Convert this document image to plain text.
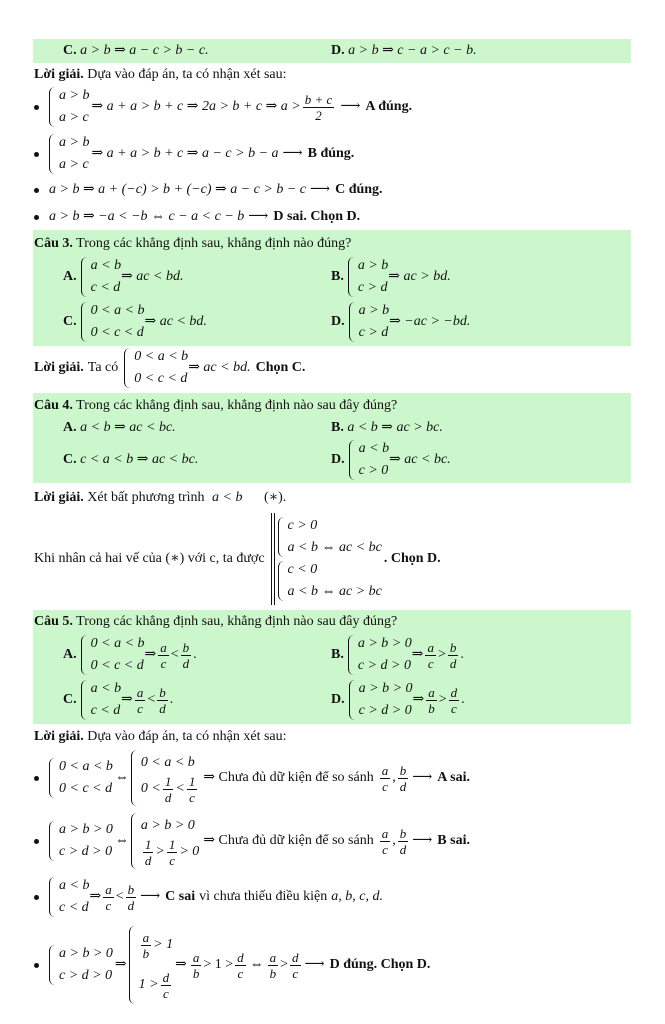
C. a > b ⇒ a − c > b − c.	D. a > b ⇒ c − a > c − b.
Lời giải. Dựa vào đáp án, ta có nhận xét sau:
a > b
a > c
⇒ a + a > b + c ⇒ 2a > b + c ⇒ $a > \frac{b + c}{2}$ ⟶ A đúng.
a > b
a > c
⇒ a + a > b + c ⇒ a − c > b − a ⟶ B đúng.
a > b ⇒ a + (−c) > b + (−c) ⇒ a − c > b − c ⟶ C đúng.
a > b ⇒ −a < −b ⇔ c − a < c − b ⟶ D sai. Chọn D.
Câu 3. Trong các khẳng định sau, khẳng định nào đúng?
A.
a < b
c < d
⇒ ac < bd.	B.
a > b
c > d
⇒ ac > bd.
C.
0 < a < b
0 < c < d
⇒ ac < bd.	D.
a > b
c > d
⇒ −ac > −bd.
Lời giải. Ta có
0 < a < b
0 < c < d
⇒ ac < bd. Chọn C.
Câu 4. Trong các khẳng định sau, khẳng định nào sau đây đúng?
A. a < b ⇒ ac < bc.	B. a < b ⇒ ac > bc.
C. c < a < b ⇒ ac < bc.	D.
a < b
c > 0
⇒ ac < bc.
Lời giải. Xét bất phương trình a < b (∗).
Khi nhân cả hai vế của (∗) với c, ta được
c > 0
a < b ⇔ ac < bc
c < 0
a < b ⇔ ac > bc
. Chọn D.
Câu 5. Trong các khẳng định sau, khẳng định nào sau đây đúng?
A.
0 < a < b
0 < c < d
⇒ $\frac{a}{c} < \frac{b}{d}$ .	B.
a > b > 0
c > d > 0
⇒ $\frac{a}{c} > \frac{b}{d}$ .
C.
a < b
c < d
⇒ $\frac{a}{c} < \frac{b}{d}$ .	D.
a > b > 0
c > d > 0
⇒ $\frac{a}{b} > \frac{d}{c}$ .
Lời giải. Dựa vào đáp án, ta có nhận xét sau:
0 < a < b
0 < c < d
⇔
0 < a < b
$0 < \frac{1}{d} < \frac{1}{c}$ ⇒ Chưa đủ dữ kiện để so sánh $\frac{a}{c}$ , $\frac{b}{d}$ ⟶ A sai.
a > b > 0
c > d > 0
⇔
a > b > 0
$\frac{1}{d} > \frac{1}{c} > 0$
⇒ Chưa đủ dữ kiện để so sánh $\frac{a}{c}$ , $\frac{b}{d}$ ⟶ B sai.
a < b
c < d
⇒ $\frac{a}{c} < \frac{b}{d}$ ⟶ C sai vì chưa thiếu điều kiện a, b, c, d.
a > b > 0
c > d > 0
⇒
$\frac{a}{b} > 1$
$1 > \frac{d}{c}$
⇒ $\frac{a}{b} > 1 > \frac{d}{c}$ ⇔ $\frac{a}{b} > \frac{d}{c}$ ⟶ D đúng. Chọn D.
